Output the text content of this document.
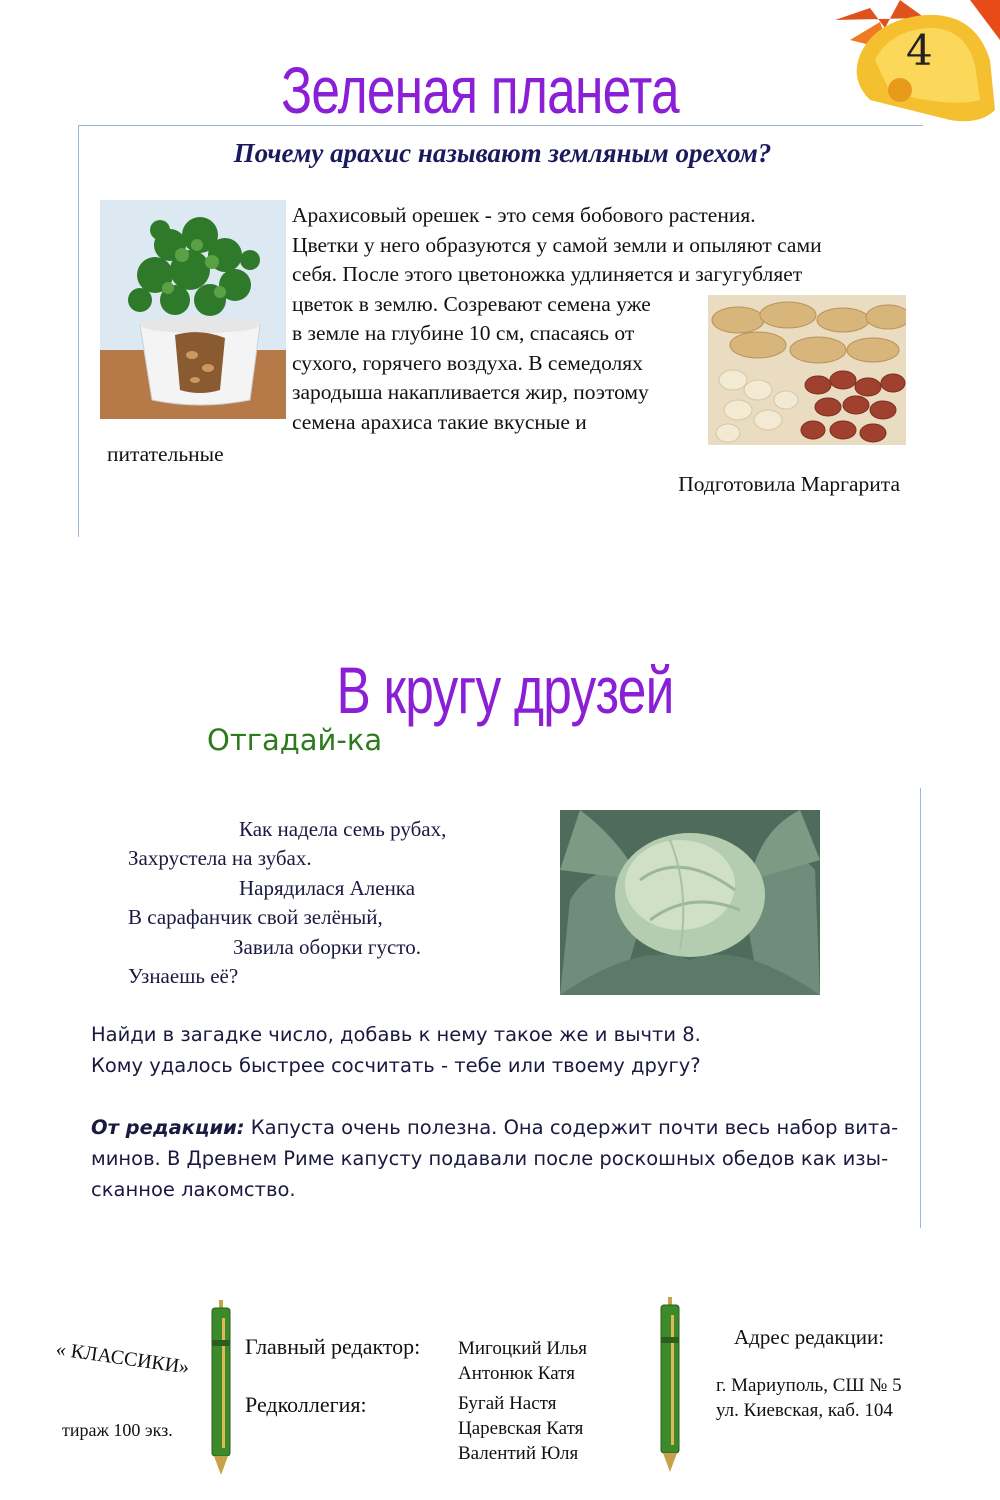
4
Зеленая планета
Почему арахис называют земляным орехом?
Арахисовый орешек - это семя бобового растения.
Цветки у него образуются у самой земли и опыляют сами
себя. После этого цветоножка удлиняется и загугубляет
цветок в землю. Созревают семена уже
в земле на глубине 10 см, спасаясь от
сухого, горячего воздуха. В семедолях
зародыша накапливается жир, поэтому
семена арахиса такие вкусные и
питательные
Подготовила Маргарита
В кругу друзей
Отгадай-ка
Как надела семь рубах,
Захрустела на зубах.
Нарядилася Аленка
В сарафанчик свой зелёный,
Завила оборки густо.
Узнаешь её?
Найди в загадке число, добавь к нему такое же и вычти 8.
Кому удалось быстрее сосчитать - тебе или твоему другу?
От редакции: Капуста очень полезна. Она содержит почти весь набор вита-
минов. В Древнем Риме капусту подавали после роскошных обедов как изы-
сканное лакомство.
« КЛАССИКИ»
тираж 100 экз.
Главный редактор: Мигоцкий Илья
Антонюк Катя
Редколлегия:	Бугай Настя
Царевская Катя
Валентий Юля
Адрес редакции:
г. Мариуполь, СШ № 5
ул. Киевская, каб. 104
